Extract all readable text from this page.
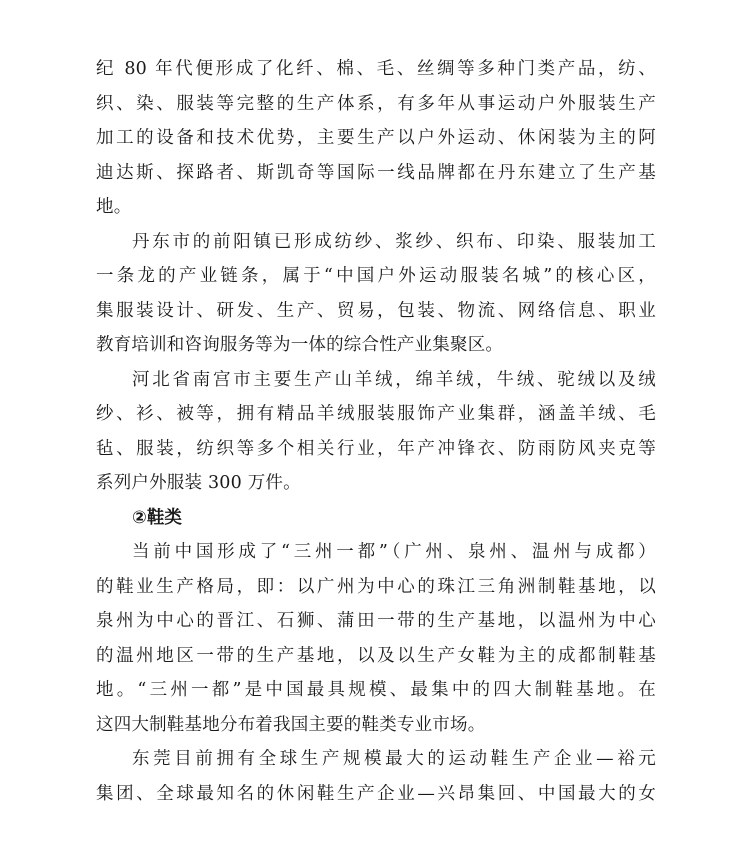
纪 80 年代便形成了化纤、棉、毛、丝绸等多种门类产品，纺、
织、染、服装等完整的生产体系，有多年从事运动户外服装生产
加工的设备和技术优势，主要生产以户外运动、休闲装为主的阿
迪达斯、探路者、斯凯奇等国际一线品牌都在丹东建立了生产基
地。
丹东市的前阳镇已形成纺纱、浆纱、织布、印染、服装加工
一条龙的产业链条，属于“中国户外运动服装名城”的核心区，
集服装设计、研发、生产、贸易，包装、物流、网络信息、职业
教育培训和咨询服务等为一体的综合性产业集聚区。
河北省南宫市主要生产山羊绒，绵羊绒，牛绒、驼绒以及绒
纱、衫、被等，拥有精品羊绒服装服饰产业集群，涵盖羊绒、毛
毡、服装，纺织等多个相关行业，年产冲锋衣、防雨防风夹克等
系列户外服装 300 万件。
②鞋类
当前中国形成了“三州一都”（广州、泉州、温州与成都）
的鞋业生产格局，即：以广州为中心的珠江三角洲制鞋基地，以
泉州为中心的晋江、石狮、蒲田一带的生产基地，以温州为中心
的温州地区一带的生产基地，以及以生产女鞋为主的成都制鞋基
地。“三州一都”是中国最具规模、最集中的四大制鞋基地。在
这四大制鞋基地分布着我国主要的鞋类专业市场。
东莞目前拥有全球生产规模最大的运动鞋生产企业—裕元
集团、全球最知名的休闲鞋生产企业—兴昂集回、中国最大的女
